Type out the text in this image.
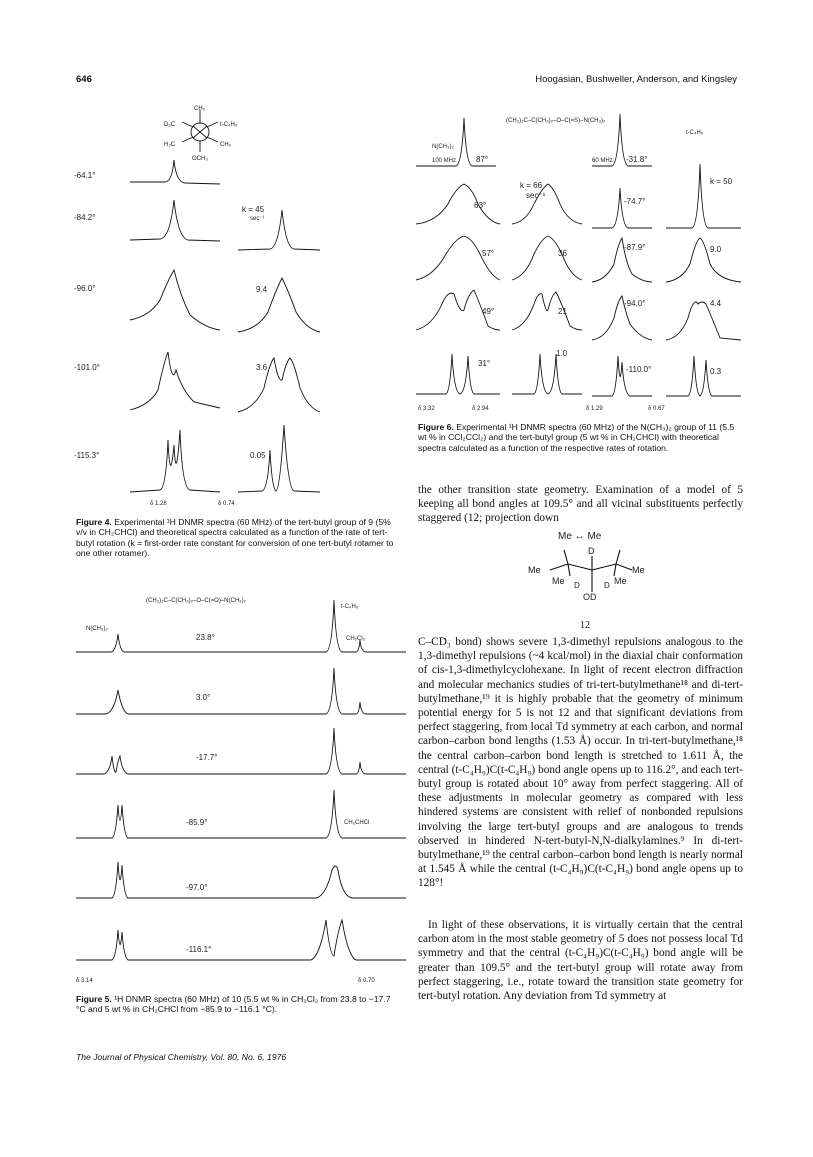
646	Hoogasian, Bushweller, Anderson, and Kingsley
CH₃
D₃C	t-C₄H₉
H₃C	CH₃
OCH₃
-64.1°
-84.2°
-96.0°
-101.0°
-115.3°
k = 45
sec⁻¹
9.4
3.6
0.05
δ 1.28	δ 0.74
Figure 4. Experimental ¹H DNMR spectra (60 MHz) of the tert-butyl group of 9 (5% v/v in CH₂CHCl) and theoretical spectra calculated as a function of the rate of tert-butyl rotation (k = first-order rate constant for conversion of one tert-butyl rotamer to one other rotamer).
(CH₃)₃C–C(CH₃)₂–O–C(=O)–N(CH₃)₂
N(CH₃)₂
t-C₄H₉
CH₂Cl₂
CH₂CHCl
23.8°
3.0°
-17.7°
-85.9°
-97.0°
-116.1°
δ 3.14	δ 0.70
Figure 5. ¹H DNMR spectra (60 MHz) of 10 (5.5 wt % in CH₂Cl₂ from 23.8 to −17.7 °C and 5 wt % in CH₂CHCl from −85.9 to −116.1 °C).
(CH₃)₃C–C(CH₃)₂–O–C(=S)–N(CH₃)₂
N(CH₃)₂
100 MHz	60 MHz
t-C₄H₉
87°
63°
57°
49°
31°
k = 66
sec⁻¹
36
21
1.0
-31.8°
-74.7°
-87.9°
-94.0°
-110.0°
k = 50
9.0
4.4
0.3
δ 3.32	δ 2.94	δ 1.29	δ 0.67
Figure 6. Experimental ¹H DNMR spectra (60 MHz) of the N(CH₃)₂ group of 11 (5.5 wt % in CCl₂CCl₂) and the tert-butyl group (5 wt % in CH₂CHCl) with theoretical spectra calculated as a function of the respective rates of rotation.

the other transition state geometry. Examination of a model of 5 keeping all bond angles at 109.5° and all vicinal substituents perfectly staggered (12; projection down

Me ↔ Me
D
Me	Me
Me D	D Me
OD
12

C–CD₃ bond) shows severe 1,3-dimethyl repulsions analogous to the 1,3-dimethyl repulsions (~4 kcal/mol) in the diaxial chair conformation of cis-1,3-dimethylcyclohexane. In light of recent electron diffraction and molecular mechanics studies of tri-tert-butylmethane¹⁸ and di-tert-butylmethane,¹⁹ it is highly probable that the geometry of minimum potential energy for 5 is not 12 and that significant deviations from perfect staggering, from local Td symmetry at each carbon, and normal carbon–carbon bond lengths (1.53 Å) occur. In tri-tert-butylmethane,¹⁸ the central carbon–carbon bond length is stretched to 1.611 Å, the central (t-C₄H₉)C(t-C₄H₉) bond angle opens up to 116.2°, and each tert-butyl group is rotated about 10° away from perfect staggering. All of these adjustments in molecular geometry as compared with less hindered systems are consistent with relief of nonbonded repulsions involving the large tert-butyl groups and are analogous to trends observed in hindered N-tert-butyl-N,N-dialkylamines.⁹ In di-tert-butylmethane,¹⁹ the central carbon–carbon bond length is nearly normal at 1.545 Å while the central (t-C₄H₉)C(t-C₄H₉) bond angle opens up to 128°!

In light of these observations, it is virtually certain that the central carbon atom in the most stable geometry of 5 does not possess local Td symmetry and that the central (t-C₄H₉)C(t-C₄H₉) bond angle will be greater than 109.5° and the tert-butyl group will rotate away from perfect staggering, i.e., rotate toward the transition state geometry for tert-butyl rotation. Any deviation from Td symmetry at

The Journal of Physical Chemistry, Vol. 80, No. 6, 1976
